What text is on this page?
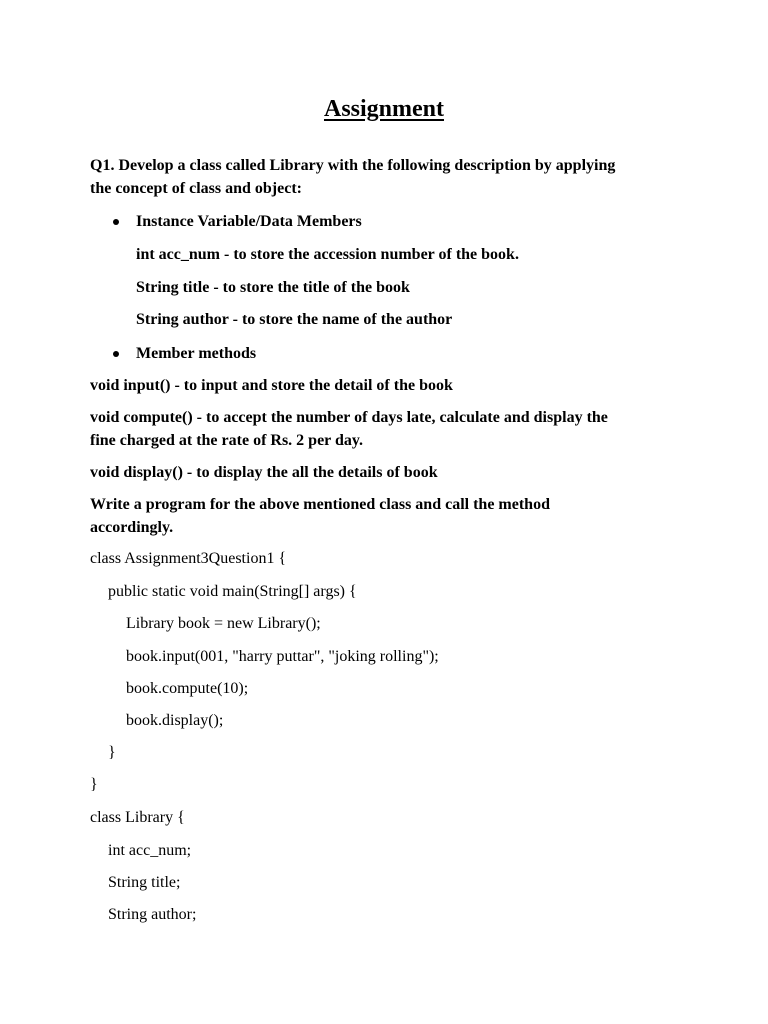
Assignment
Q1. Develop a class called Library with the following description by applying
the concept of class and object:
Instance Variable/Data Members
int acc_num - to store the accession number of the book.
String title - to store the title of the book
String author - to store the name of the author
Member methods
void input() - to input and store the detail of the book
void compute() - to accept the number of days late, calculate and display the
fine charged at the rate of Rs. 2 per day.
void display() - to display the all the details of book
Write a program for the above mentioned class and call the method
accordingly.
class Assignment3Question1 {
public static void main(String[] args) {
Library book = new Library();
book.input(001, "harry puttar", "joking rolling");
book.compute(10);
book.display();
}
}
class Library {
int acc_num;
String title;
String author;
